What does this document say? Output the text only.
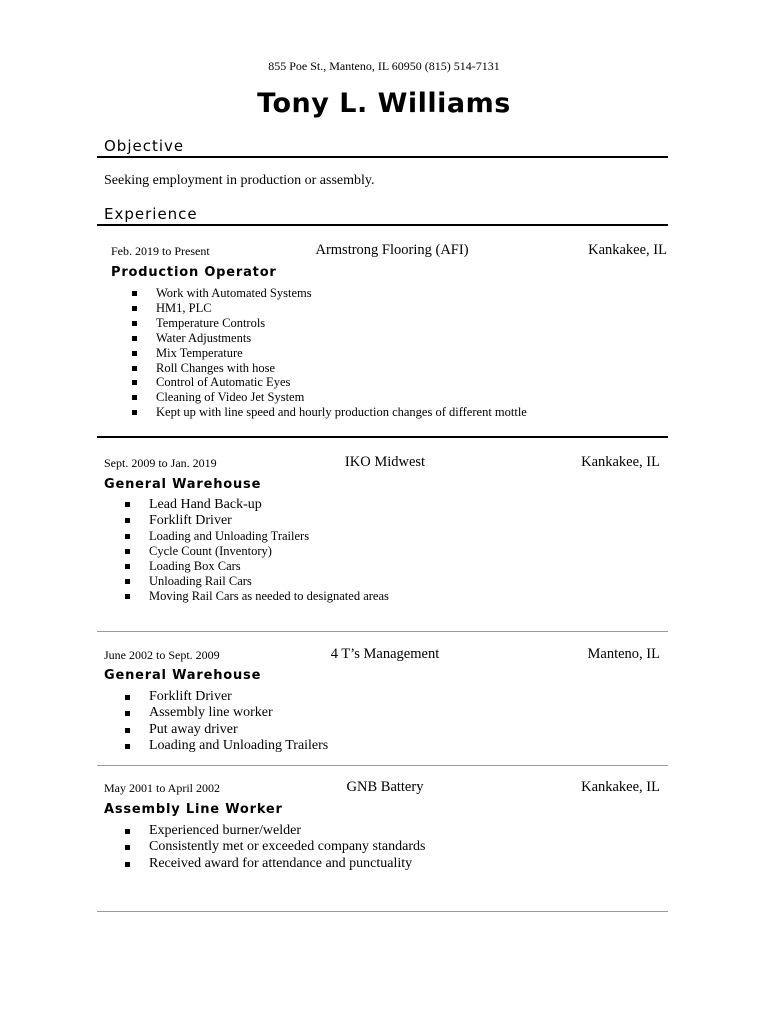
855 Poe St., Manteno, IL 60950 (815) 514-7131
Tony L. Williams
Objective
Seeking employment in production or assembly.
Experience
Feb. 2019 to Present	Armstrong Flooring (AFI)	Kankakee, IL
Production Operator
Work with Automated Systems
HM1, PLC
Temperature Controls
Water Adjustments
Mix Temperature
Roll Changes with hose
Control of Automatic Eyes
Cleaning of Video Jet System
Kept up with line speed and hourly production changes of different mottle
Sept. 2009 to Jan. 2019	IKO Midwest	Kankakee, IL
General Warehouse
Lead Hand Back-up
Forklift Driver
Loading and Unloading Trailers
Cycle Count (Inventory)
Loading Box Cars
Unloading Rail Cars
Moving Rail Cars as needed to designated areas
June 2002 to Sept. 2009	4 T’s Management	Manteno, IL
General Warehouse
Forklift Driver
Assembly line worker
Put away driver
Loading and Unloading Trailers
May 2001 to April 2002	GNB Battery	Kankakee, IL
Assembly Line Worker
Experienced burner/welder
Consistently met or exceeded company standards
Received award for attendance and punctuality
